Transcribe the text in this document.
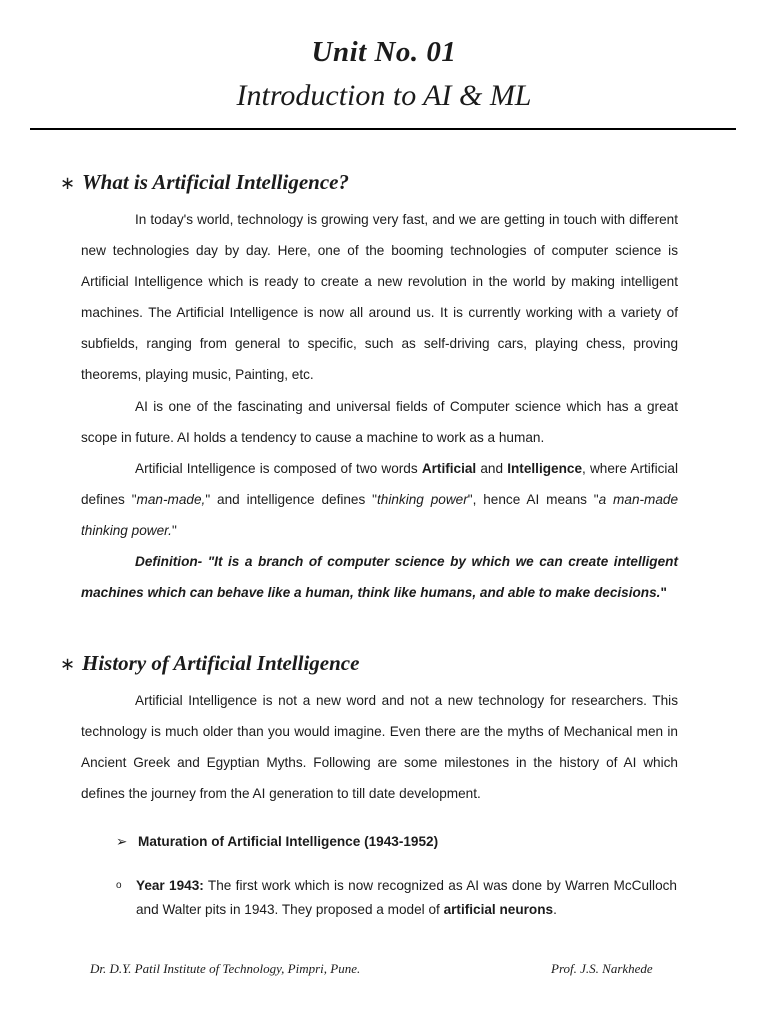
Unit No. 01
Introduction to AI & ML
∗ What is Artificial Intelligence?

In today's world, technology is growing very fast, and we are getting in touch with different new technologies day by day. Here, one of the booming technologies of computer science is Artificial Intelligence which is ready to create a new revolution in the world by making intelligent machines. The Artificial Intelligence is now all around us. It is currently working with a variety of subfields, ranging from general to specific, such as self-driving cars, playing chess, proving theorems, playing music, Painting, etc.

AI is one of the fascinating and universal fields of Computer science which has a great scope in future. AI holds a tendency to cause a machine to work as a human.

Artificial Intelligence is composed of two words Artificial and Intelligence, where Artificial defines "man-made," and intelligence defines "thinking power", hence AI means "a man-made thinking power."

Definition- "It is a branch of computer science by which we can create intelligent machines which can behave like a human, think like humans, and able to make decisions."

∗ History of Artificial Intelligence

Artificial Intelligence is not a new word and not a new technology for researchers. This technology is much older than you would imagine. Even there are the myths of Mechanical men in Ancient Greek and Egyptian Myths. Following are some milestones in the history of AI which defines the journey from the AI generation to till date development.

➢ Maturation of Artificial Intelligence (1943-1952)
o Year 1943: The first work which is now recognized as AI was done by Warren McCulloch and Walter pits in 1943. They proposed a model of artificial neurons.
Dr. D.Y. Patil Institute of Technology, Pimpri, Pune.	Prof. J.S. Narkhede
